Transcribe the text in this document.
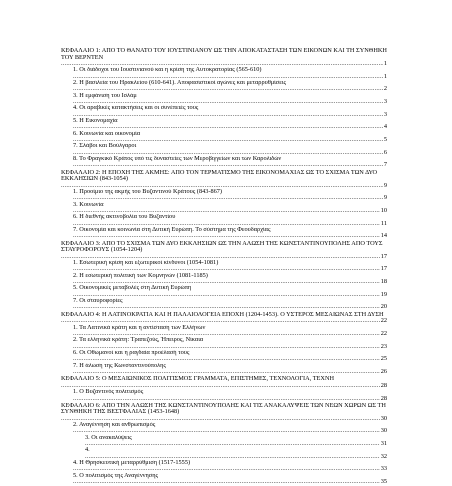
ΚΕΦΑΛΑΙΟ 1: ΑΠΟ ΤΟ ΘΑΝΑΤΟ ΤΟΥ ΙΟΥΣΤΙΝΙΑΝΟΥ ΩΣ ΤΗΝ ΑΠΟΚΑΤΑΣΤΑΣΗ ΤΩΝ ΕΙΚΟΝΩΝ ΚΑΙ ΤΗ ΣΥΝΘΗΚΗ ΤΟΥ ΒΕΡΝΤΕΝ .....
1
1. Οι διάδοχοι του Ιουστινιανού και η κρίση της Αυτοκρατορίας (565-610) .....
1
2. Η βασιλεία του Ηρακλείου (610-641). Αποφασιστικοί αγώνες και μεταρρυθμίσεις .....
2
3. Η εμφάνιση του Ισλάμ .....
3
4. Οι αραβικές κατακτήσεις και οι συνέπειές τους .....
3
5. Η Εικονομαχία .....
4
6. Κοινωνία και οικονομία .....
5
7. Σλάβοι και Βούλγαροι .....
6
8. Το Φραγκικό Κράτος υπό τις δυναστείες των Μεροβιγγείων και των Καρολιδών .....
7
ΚΕΦΑΛΑΙΟ 2: Η ΕΠΟΧΗ ΤΗΣ ΑΚΜΗΣ: ΑΠΟ ΤΟΝ ΤΕΡΜΑΤΙΣΜΟ ΤΗΣ ΕΙΚΟΝΟΜΑΧΙΑΣ ΩΣ ΤΟ ΣΧΙΣΜΑ ΤΩΝ ΔΥΟ ΕΚΚΛΗΣΙΩΝ (843-1054) .....
9
1. Προοίμιο της ακμής του Βυζαντινού Κράτους (843-867) .....
9
3. Κοινωνία .....
10
6. Η διεθνής ακτινοβολία του Βυζαντίου .....
11
7. Οικονομία και κοινωνία στη Δυτική Ευρώπη. Το σύστημα της Φεουδαρχίας .....
14
ΚΕΦΑΛΑΙΟ 3: ΑΠΟ ΤΟ ΣΧΙΣΜΑ ΤΩΝ ΔΥΟ ΕΚΚΛΗΣΙΩΝ ΩΣ ΤΗΝ ΑΛΩΣΗ ΤΗΣ ΚΩΝΣΤΑΝΤΙΝΟΥΠΟΛΗΣ ΑΠΟ ΤΟΥΣ ΣΤΑΥΡΟΦΟΡΟΥΣ (1054-1204) .....
17
1. Εσωτερική κρίση και εξωτερικοί κίνδυνοι (1054-1081) .....
17
2. Η εσωτερική πολιτική των Κομνηνών (1081-1185) .....
18
5. Οικονομικές μεταβολές στη Δυτική Ευρώπη .....
19
7. Οι σταυροφορίες .....
20
ΚΕΦΑΛΑΙΟ 4: Η ΛΑΤΙΝΟΚΡΑΤΙΑ ΚΑΙ Η ΠΑΛΑΙΟΛΟΓΕΙΑ ΕΠΟΧΗ (1204-1453). Ο ΥΣΤΕΡΟΣ ΜΕΣΑΙΩΝΑΣ ΣΤΗ ΔΥΣΗ .....
22
1. Τα Λατινικά κράτη και η αντίσταση των Ελλήνων .....
22
2. Τα ελληνικά κράτη: Τραπεζούς, Ήπειρος, Νίκαια .....
23
6. Οι Οθωμανοί και η ραγδαία προέλασή τους .....
25
7. Η άλωση της Κωνσταντινούπολης .....
26
ΚΕΦΑΛΑΙΟ 5: Ο ΜΕΣΑΙΩΝΙΚΟΣ ΠΟΛΙΤΙΣΜΟΣ ΓΡΑΜΜΑΤΑ, ΕΠΙΣΤΗΜΕΣ, ΤΕΧΝΟΛΟΓΙΑ, ΤΕΧΝΗ .....
28
1. Ο Βυζαντινός πολιτισμός .....
28
ΚΕΦΑΛΑΙΟ 6: ΑΠΟ ΤΗΝ ΑΛΩΣΗ ΤΗΣ ΚΩΝΣΤΑΝΤΙΝΟΥΠΟΛΗΣ ΚΑΙ ΤΙΣ ΑΝΑΚΑΛΥΨΕΙΣ ΤΩΝ ΝΕΩΝ ΧΩΡΩΝ ΩΣ ΤΗ ΣΥΝΘΗΚΗ ΤΗΣ ΒΕΣΤΦΑΛΙΑΣ (1453-1648) .....
30
2. Αναγέννηση και ανθρωπισμός .....
30
3. Οι ανακαλύψεις .....
31
4. .....
32
4. Η Θρησκευτική μεταρρύθμιση (1517-1555) .....
33
5. Ο πολιτισμός της Αναγέννησης .....
35
